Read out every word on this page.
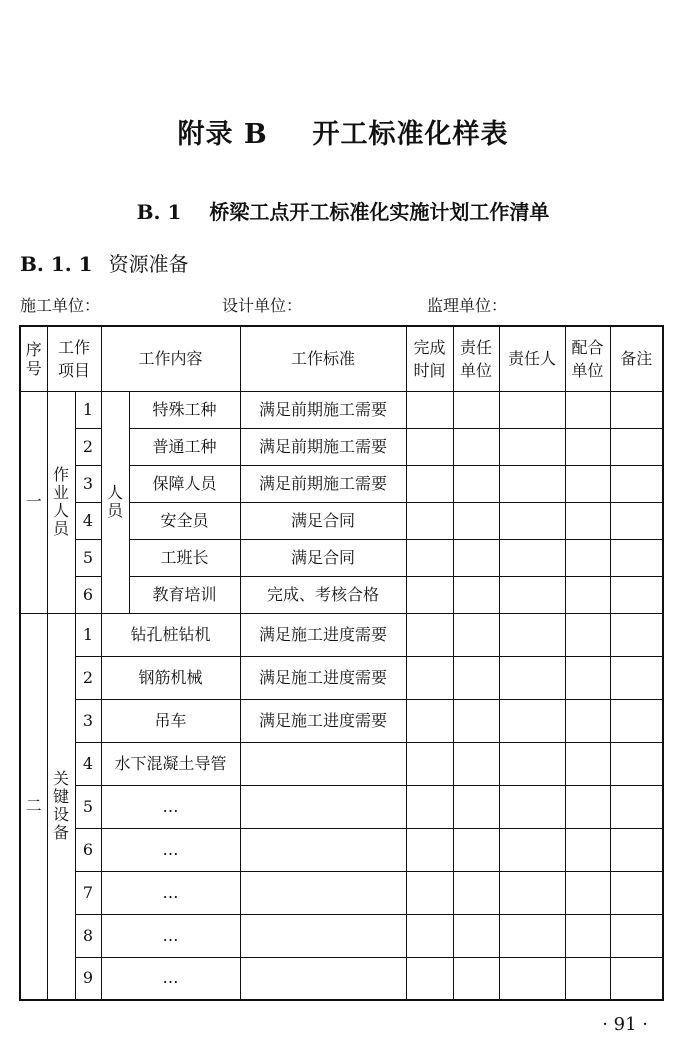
附录 B 开工标准化样表
B. 1 桥梁工点开工标准化实施计划工作清单
B. 1. 1 资源准备
施工单位：	设计单位：	监理单位：
序号	工作项目		工作内容		工作标准	完成时间	责任单位	责任人	配合单位	备注
一	作业人员	1	人员	特殊工种	满足前期施工需要					
		2		普通工种	满足前期施工需要					
		3		保障人员	满足前期施工需要					
		4		安全员	满足合同					
		5		工班长	满足合同					
		6		教育培训	完成、考核合格					
二	关键设备	1	钻孔桩钻机		满足施工进度需要					
		2	钢筋机械		满足施工进度需要					
		3	吊车		满足施工进度需要					
		4	水下混凝土导管							
		5	…							
		6	…							
		7	…							
		8	…							
		9	…							
· 91 ·
